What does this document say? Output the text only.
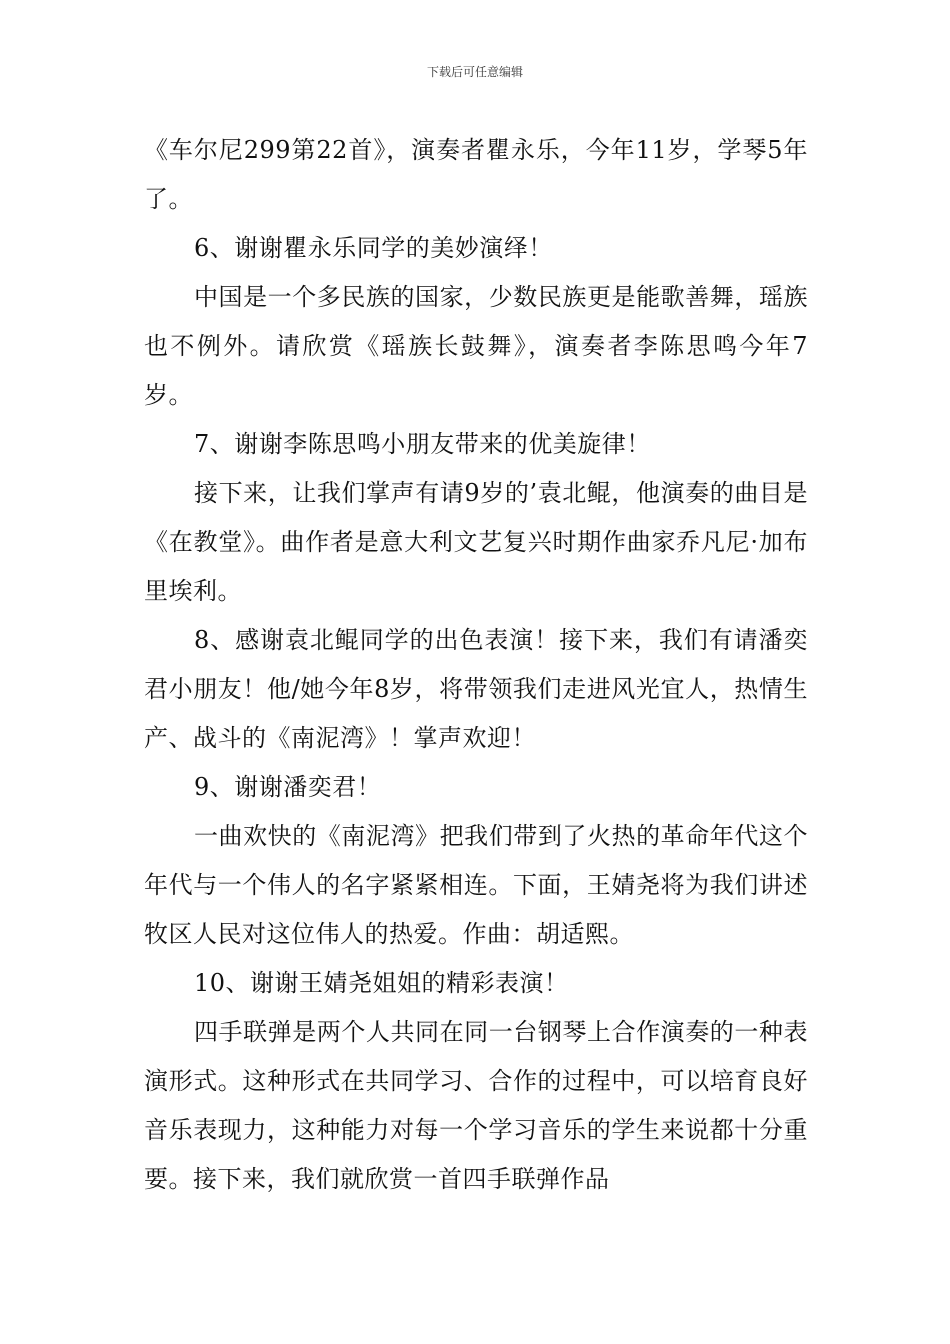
下载后可任意编辑

《车尔尼299第22首》，演奏者瞿永乐，今年11岁，学琴5年了。

6、谢谢瞿永乐同学的美妙演绎！

中国是一个多民族的国家，少数民族更是能歌善舞，瑶族也不例外。请欣赏《瑶族长鼓舞》，演奏者李陈思鸣今年7岁。

7、谢谢李陈思鸣小朋友带来的优美旋律！

接下来，让我们掌声有请9岁的’袁北鲲，他演奏的曲目是《在教堂》。曲作者是意大利文艺复兴时期作曲家乔凡尼·加布里埃利。

8、感谢袁北鲲同学的出色表演！接下来，我们有请潘奕君小朋友！他/她今年8岁，将带领我们走进风光宜人，热情生产、战斗的《南泥湾》！掌声欢迎！

9、谢谢潘奕君！

一曲欢快的《南泥湾》把我们带到了火热的革命年代这个年代与一个伟人的名字紧紧相连。下面，王婧尧将为我们讲述牧区人民对这位伟人的热爱。作曲：胡适熙。

10、谢谢王婧尧姐姐的精彩表演！

四手联弹是两个人共同在同一台钢琴上合作演奏的一种表演形式。这种形式在共同学习、合作的过程中，可以培育良好音乐表现力，这种能力对每一个学习音乐的学生来说都十分重要。接下来，我们就欣赏一首四手联弹作品
